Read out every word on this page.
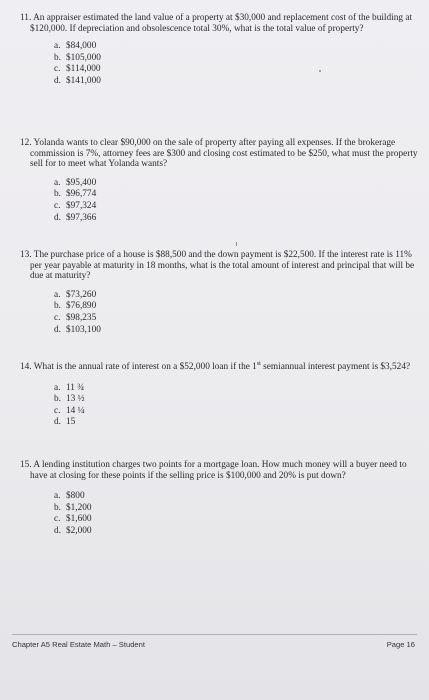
11. An appraiser estimated the land value of a property at $30,000 and replacement cost of the building at $120,000. If depreciation and obsolescence total 30%, what is the total value of property?

a. $84,000
b. $105,000
c. $114,000
d. $141,000

12. Yolanda wants to clear $90,000 on the sale of property after paying all expenses. If the brokerage commission is 7%, attorney fees are $300 and closing cost estimated to be $250, what must the property sell for to meet what Yolanda wants?

a. $95,400
b. $96,774
c. $97,324
d. $97,366

13. The purchase price of a house is $88,500 and the down payment is $22,500. If the interest rate is 11% per year payable at maturity in 18 months, what is the total amount of interest and principal that will be due at maturity?

a. $73,260
b. $76,890
c. $98,235
d. $103,100

14. What is the annual rate of interest on a $52,000 loan if the 1st semiannual interest payment is $3,524?

a. 11 ¾
b. 13 ½
c. 14 ¼
d. 15

15. A lending institution charges two points for a mortgage loan. How much money will a buyer need to have at closing for these points if the selling price is $100,000 and 20% is put down?

a. $800
b. $1,200
c. $1,600
d. $2,000
Chapter A5 Real Estate Math – Student	Page 16
